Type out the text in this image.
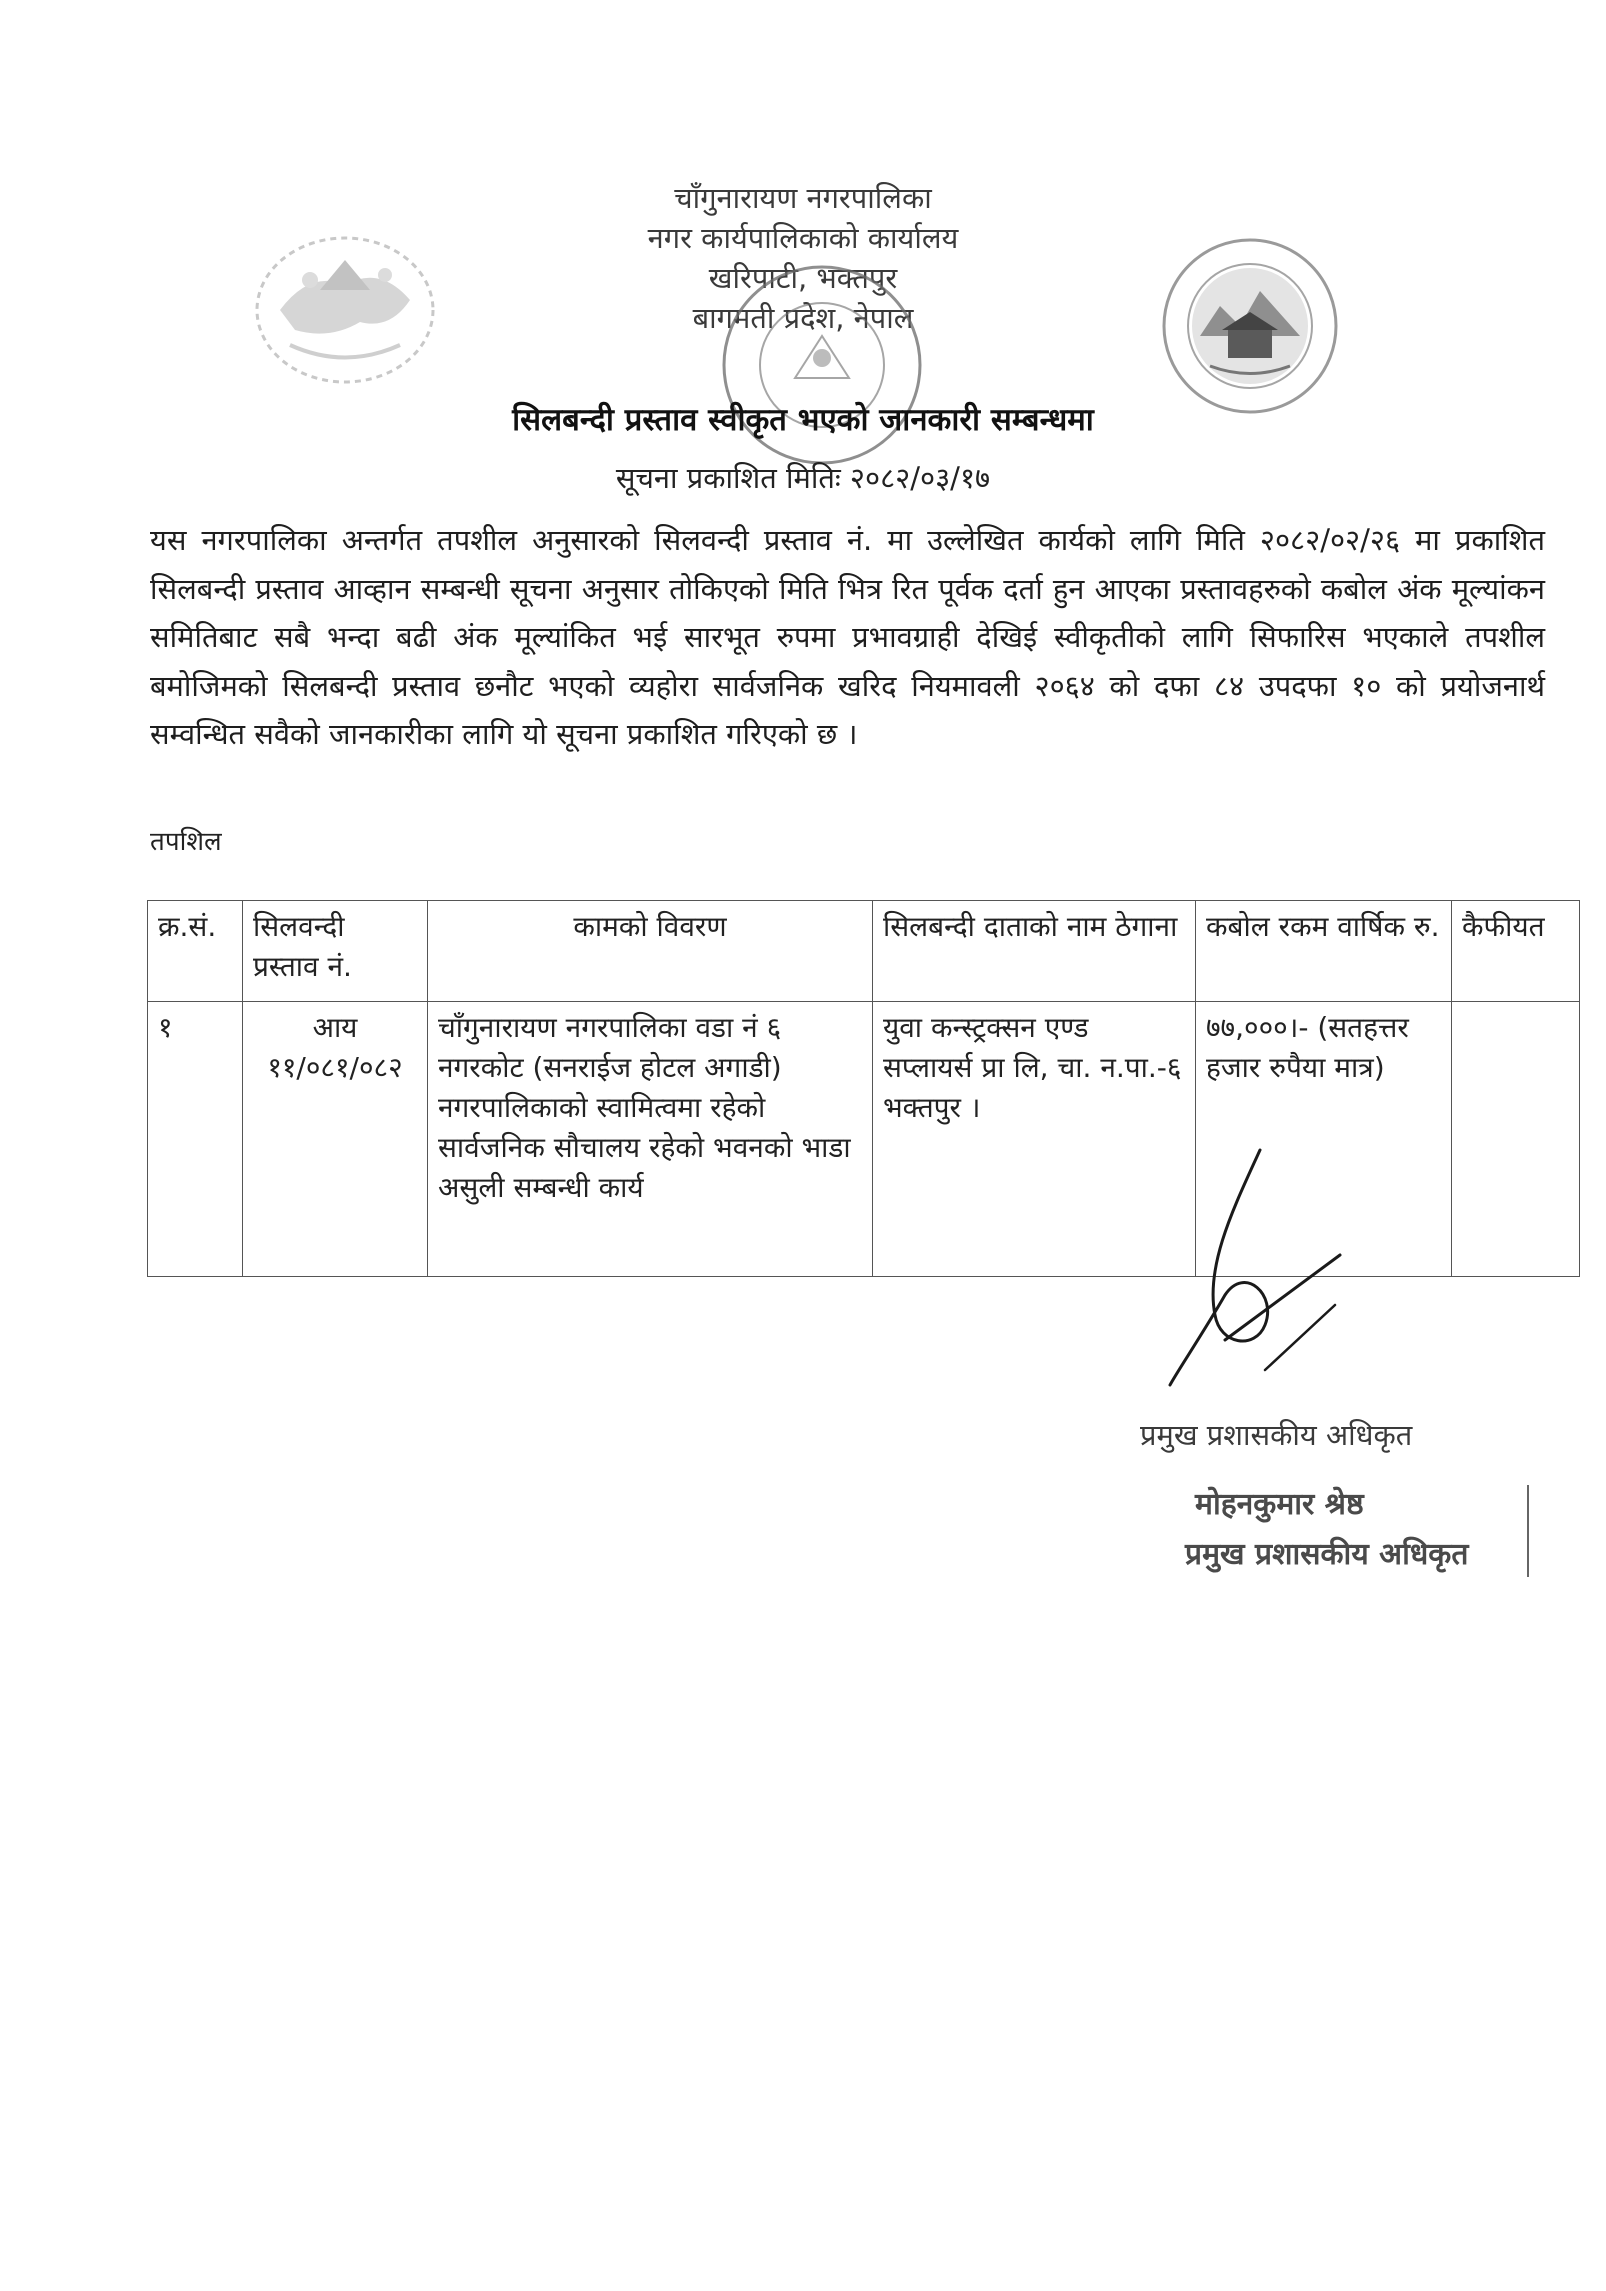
चाँगुनारायण नगरपालिका
नगर कार्यपालिकाको कार्यालय
खरिपाटी, भक्तपुर
बागमती प्रदेश, नेपाल
सिलबन्दी प्रस्ताव स्वीकृत भएको जानकारी सम्बन्धमा
सूचना प्रकाशित मितिः २०८२/०३/१७
यस नगरपालिका अन्तर्गत तपशील अनुसारको सिलवन्दी प्रस्ताव नं. मा उल्लेखित कार्यको लागि मिति २०८२/०२/२६ मा प्रकाशित सिलबन्दी प्रस्ताव आव्हान सम्बन्धी सूचना अनुसार तोकिएको मिति भित्र रित पूर्वक दर्ता हुन आएका प्रस्तावहरुको कबोल अंक मूल्यांकन समितिबाट सबै भन्दा बढी अंक मूल्यांकित भई सारभूत रुपमा प्रभावग्राही देखिई स्वीकृतीको लागि सिफारिस भएकाले तपशील बमोजिमको सिलबन्दी प्रस्ताव छनौट भएको व्यहोरा सार्वजनिक खरिद नियमावली २०६४ को दफा ८४ उपदफा १० को प्रयोजनार्थ सम्वन्धित सवैको जानकारीका लागि यो सूचना प्रकाशित गरिएको छ ।
तपशिल
क्र.सं.	सिलवन्दी प्रस्ताव नं.	कामको विवरण	सिलबन्दी दाताको नाम ठेगाना	कबोल रकम वार्षिक रु.	कैफीयत
१	आय ११/०८१/०८२	चाँगुनारायण नगरपालिका वडा नं ६ नगरकोट (सनराईज होटल अगाडी) नगरपालिकाको स्वामित्वमा रहेको सार्वजनिक सौचालय रहेको भवनको भाडा असुली सम्बन्धी कार्य	युवा कन्स्ट्रक्सन एण्ड सप्लायर्स प्रा लि, चा. न.पा.-६ भक्तपुर ।	७७,०००।- (सतहत्तर हजार रुपैया मात्र)	
प्रमुख प्रशासकीय अधिकृत
मोहनकुमार श्रेष्ठ
प्रमुख प्रशासकीय अधिकृत
